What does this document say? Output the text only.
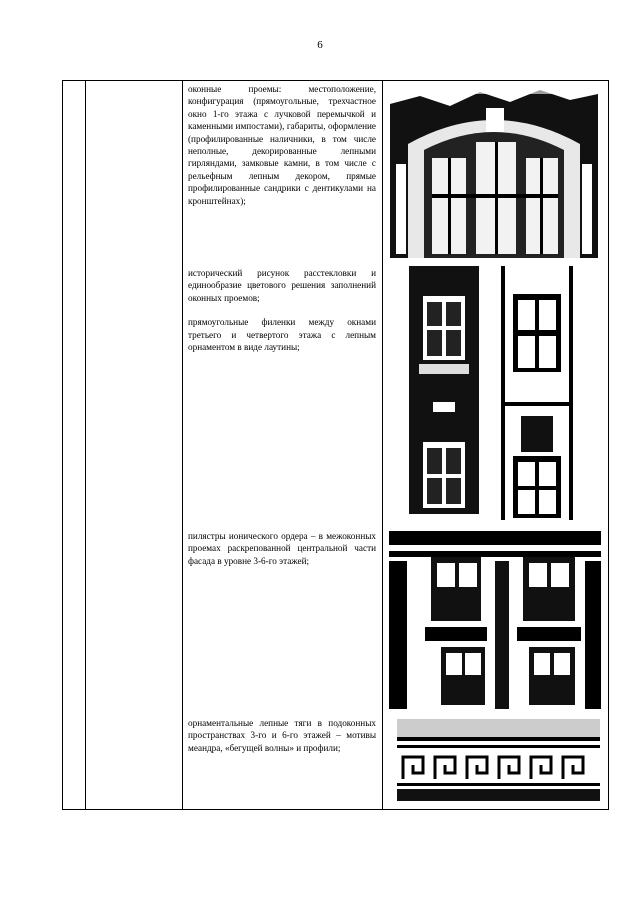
6

оконные проемы: местоположение, конфигурация (прямоугольные, трехчастное окно 1-го этажа с лучковой перемычкой и каменными импостами), габариты, оформление (профилированные наличники, в том числе неполные, декорированные лепными гирляндами, замковые камни, в том числе с рельефным лепным декором, прямые профилированные сандрики с дентикулами на кронштейнах);

исторический рисунок расстекловки и единообразие цветового решения заполнений оконных проемов;

прямоугольные филенки между окнами третьего и четвертого этажа с лепным орнаментом в виде лаутины;

пилястры ионического ордера – в межоконных проемах раскрепованной центральной части фасада в уровне 3-6-го этажей;

орнаментальные лепные тяги в подоконных пространствах 3-го и 6-го этажей – мотивы меандра, «бегущей волны» и профили;
